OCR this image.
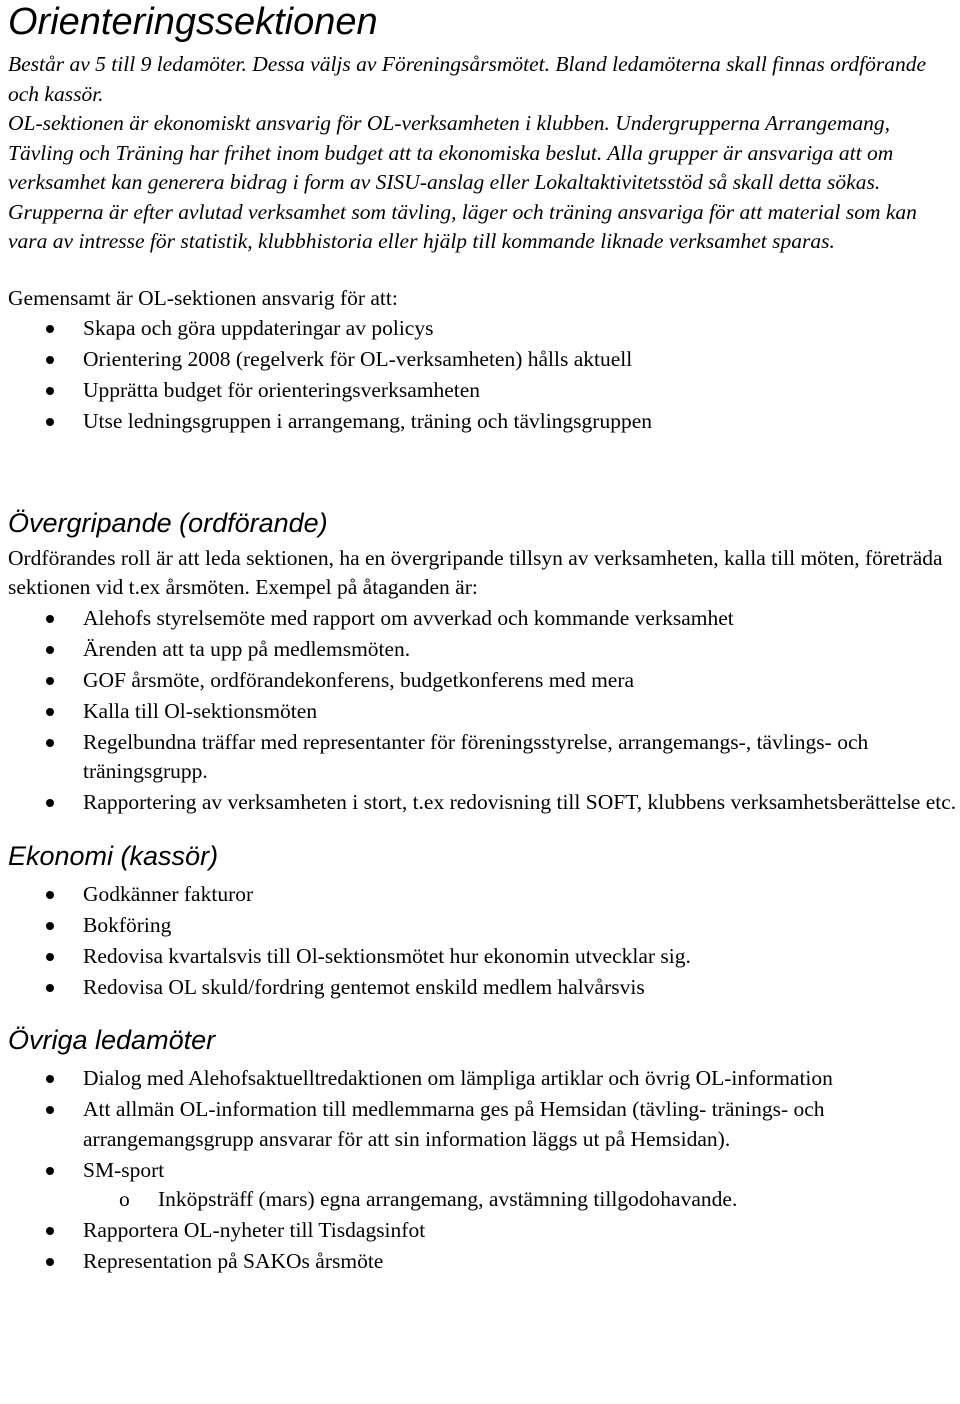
Orienteringssektionen

Består av 5 till 9 ledamöter. Dessa väljs av Föreningsårsmötet. Bland ledamöterna skall finnas ordförande och kassör.

OL-sektionen är ekonomiskt ansvarig för OL-verksamheten i klubben. Undergrupperna Arrangemang, Tävling och Träning har frihet inom budget att ta ekonomiska beslut. Alla grupper är ansvariga att om verksamhet kan generera bidrag i form av SISU-anslag eller Lokaltaktivitetsstöd så skall detta sökas.

Grupperna är efter avlutad verksamhet som tävling, läger och träning ansvariga för att material som kan vara av intresse för statistik, klubbhistoria eller hjälp till kommande liknade verksamhet sparas.

Gemensamt är OL-sektionen ansvarig för att:

Skapa och göra uppdateringar av policys
Orientering 2008 (regelverk för OL-verksamheten) hålls aktuell
Upprätta budget för orienteringsverksamheten
Utse ledningsgruppen i arrangemang, träning och tävlingsgruppen
Övergripande (ordförande)

Ordförandes roll är att leda sektionen, ha en övergripande tillsyn av verksamheten, kalla till möten, företräda sektionen vid t.ex årsmöten. Exempel på åtaganden är:

Alehofs styrelsemöte med rapport om avverkad och kommande verksamhet
Ärenden att ta upp på medlemsmöten.
GOF årsmöte, ordförandekonferens, budgetkonferens med mera
Kalla till Ol-sektionsmöten
Regelbundna träffar med representanter för föreningsstyrelse, arrangemangs-, tävlings- och träningsgrupp.
Rapportering av verksamheten i stort, t.ex redovisning till SOFT, klubbens verksamhetsberättelse etc.
Ekonomi (kassör)
Godkänner fakturor
Bokföring
Redovisa kvartalsvis till Ol-sektionsmötet hur ekonomin utvecklar sig.
Redovisa OL skuld/fordring gentemot enskild medlem halvårsvis
Övriga ledamöter
Dialog med Alehofsaktuelltredaktionen om lämpliga artiklar och övrig OL-information
Att allmän OL-information till medlemmarna ges på Hemsidan (tävling- tränings- och arrangemangsgrupp ansvarar för att sin information läggs ut på Hemsidan).
SM-sport
o Inköpsträff (mars) egna arrangemang, avstämning tillgodohavande.
Rapportera OL-nyheter till Tisdagsinfot
Representation på SAKOs årsmöte
